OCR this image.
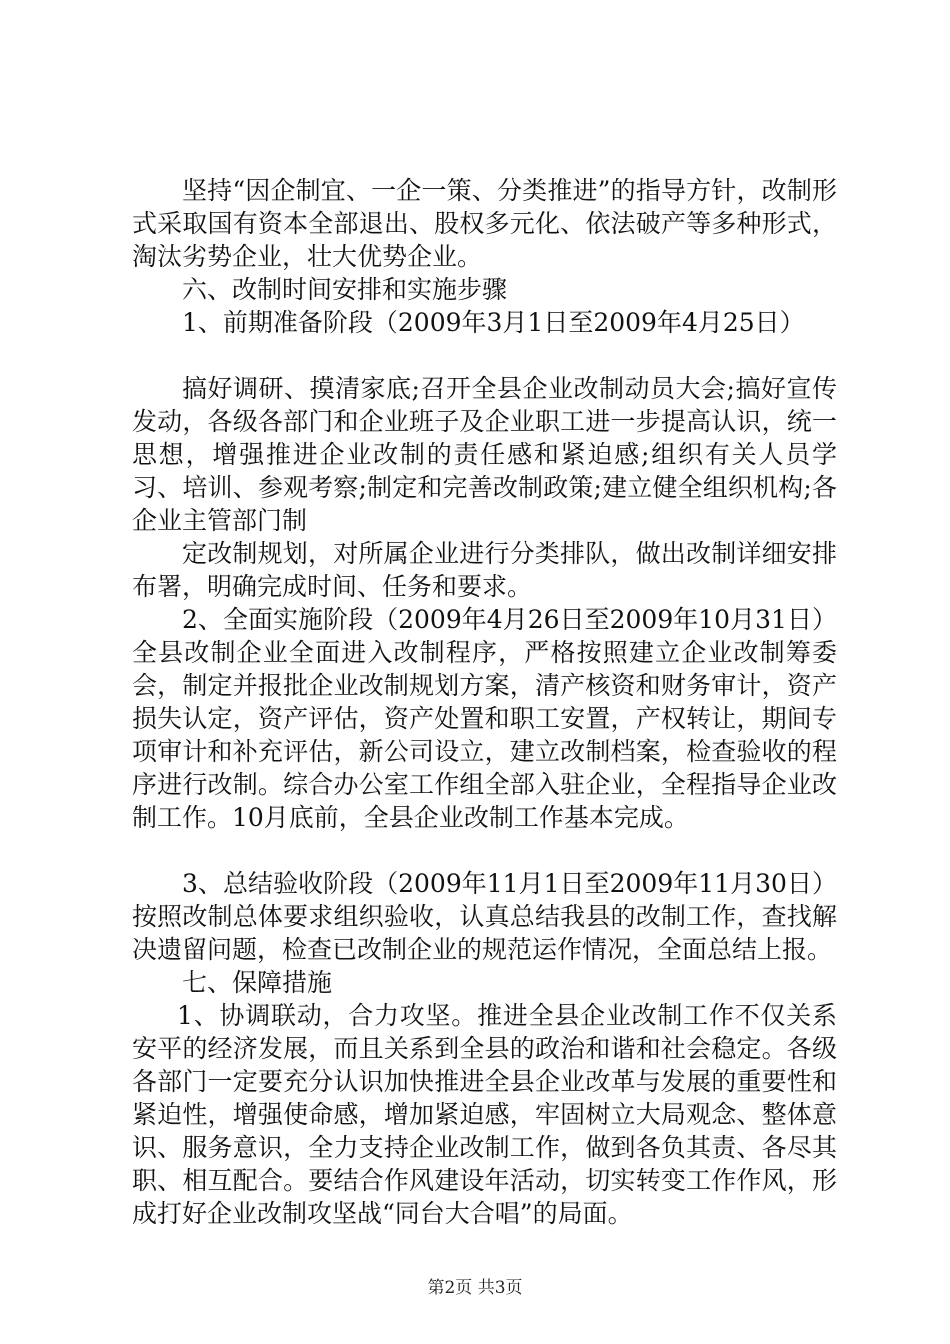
坚持“因企制宜、一企一策、分类推进”的指导方针，改制形式采取国有资本全部退出、股权多元化、依法破产等多种形式，淘汰劣势企业，壮大优势企业。

六、改制时间安排和实施步骤

1、前期准备阶段（2009年3月1日至2009年4月25日）

搞好调研、摸清家底;召开全县企业改制动员大会;搞好宣传发动，各级各部门和企业班子及企业职工进一步提高认识，统一思想，增强推进企业改制的责任感和紧迫感;组织有关人员学习、培训、参观考察;制定和完善改制政策;建立健全组织机构;各企业主管部门制

定改制规划，对所属企业进行分类排队，做出改制详细安排布署，明确完成时间、任务和要求。

2、全面实施阶段（2009年4月26日至2009年10月31日）全县改制企业全面进入改制程序，严格按照建立企业改制筹委会，制定并报批企业改制规划方案，清产核资和财务审计，资产损失认定，资产评估，资产处置和职工安置，产权转让，期间专项审计和补充评估，新公司设立，建立改制档案，检查验收的程序进行改制。综合办公室工作组全部入驻企业，全程指导企业改制工作。10月底前，全县企业改制工作基本完成。

3、总结验收阶段（2009年11月1日至2009年11月30日）按照改制总体要求组织验收，认真总结我县的改制工作，查找解决遗留问题，检查已改制企业的规范运作情况，全面总结上报。

七、保障措施

1、协调联动，合力攻坚。推进全县企业改制工作不仅关系安平的经济发展，而且关系到全县的政治和谐和社会稳定。各级各部门一定要充分认识加快推进全县企业改革与发展的重要性和紧迫性，增强使命感，增加紧迫感，牢固树立大局观念、整体意识、服务意识，全力支持企业改制工作，做到各负其责、各尽其职、相互配合。要结合作风建设年活动，切实转变工作作风，形成打好企业改制攻坚战“同台大合唱”的局面。

第2页 共3页
